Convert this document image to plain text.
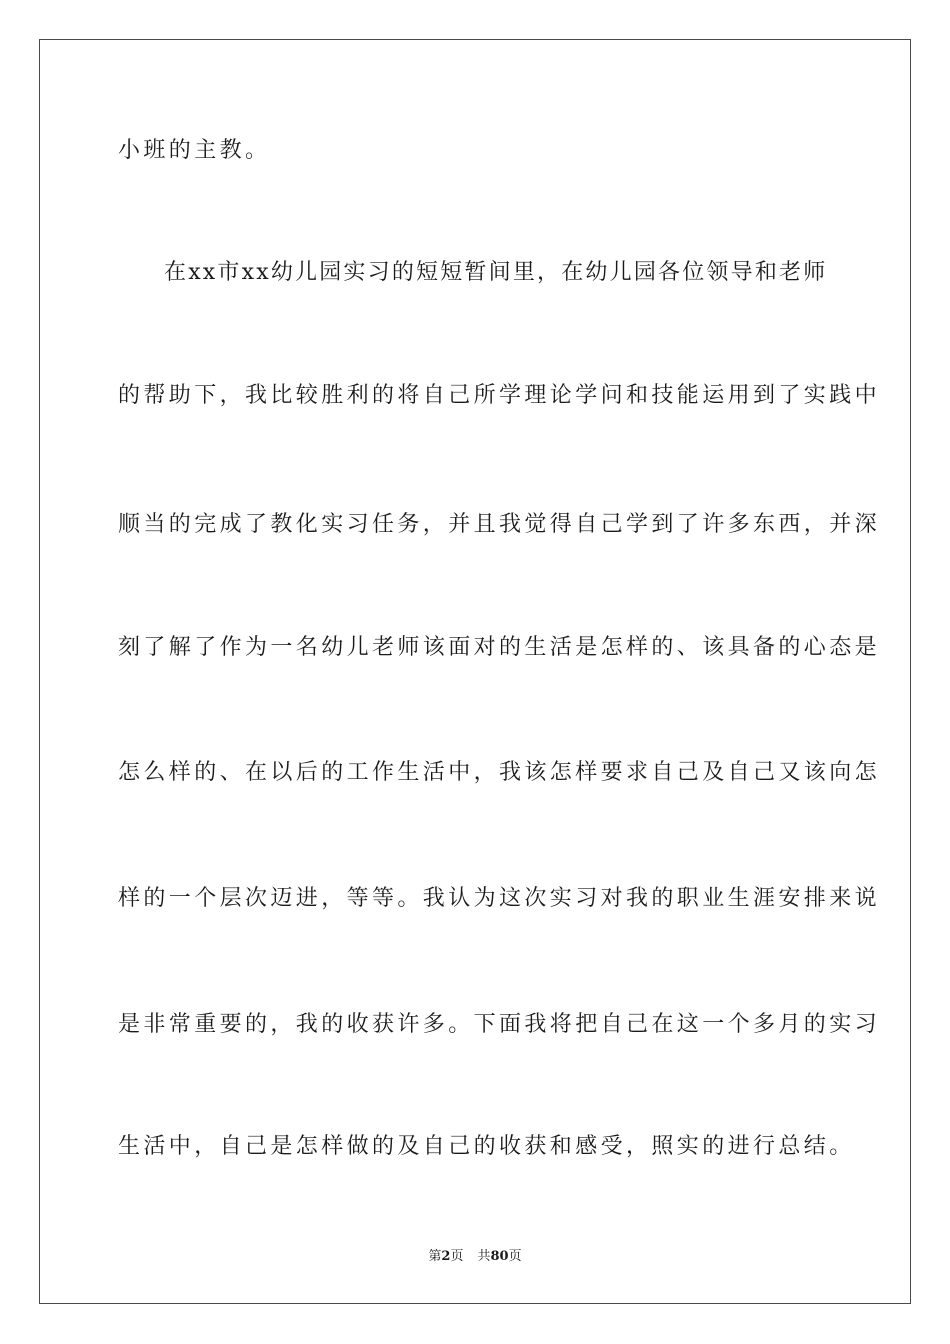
小班的主教。
在xx市xx幼儿园实习的短短暂间里，在幼儿园各位领导和老师
的帮助下，我比较胜利的将自己所学理论学问和技能运用到了实践中
顺当的完成了教化实习任务，并且我觉得自己学到了许多东西，并深
刻了解了作为一名幼儿老师该面对的生活是怎样的、该具备的心态是
怎么样的、在以后的工作生活中，我该怎样要求自己及自己又该向怎
样的一个层次迈进，等等。我认为这次实习对我的职业生涯安排来说
是非常重要的，我的收获许多。下面我将把自己在这一个多月的实习
生活中，自己是怎样做的及自己的收获和感受，照实的进行总结。
第2页 共80页
